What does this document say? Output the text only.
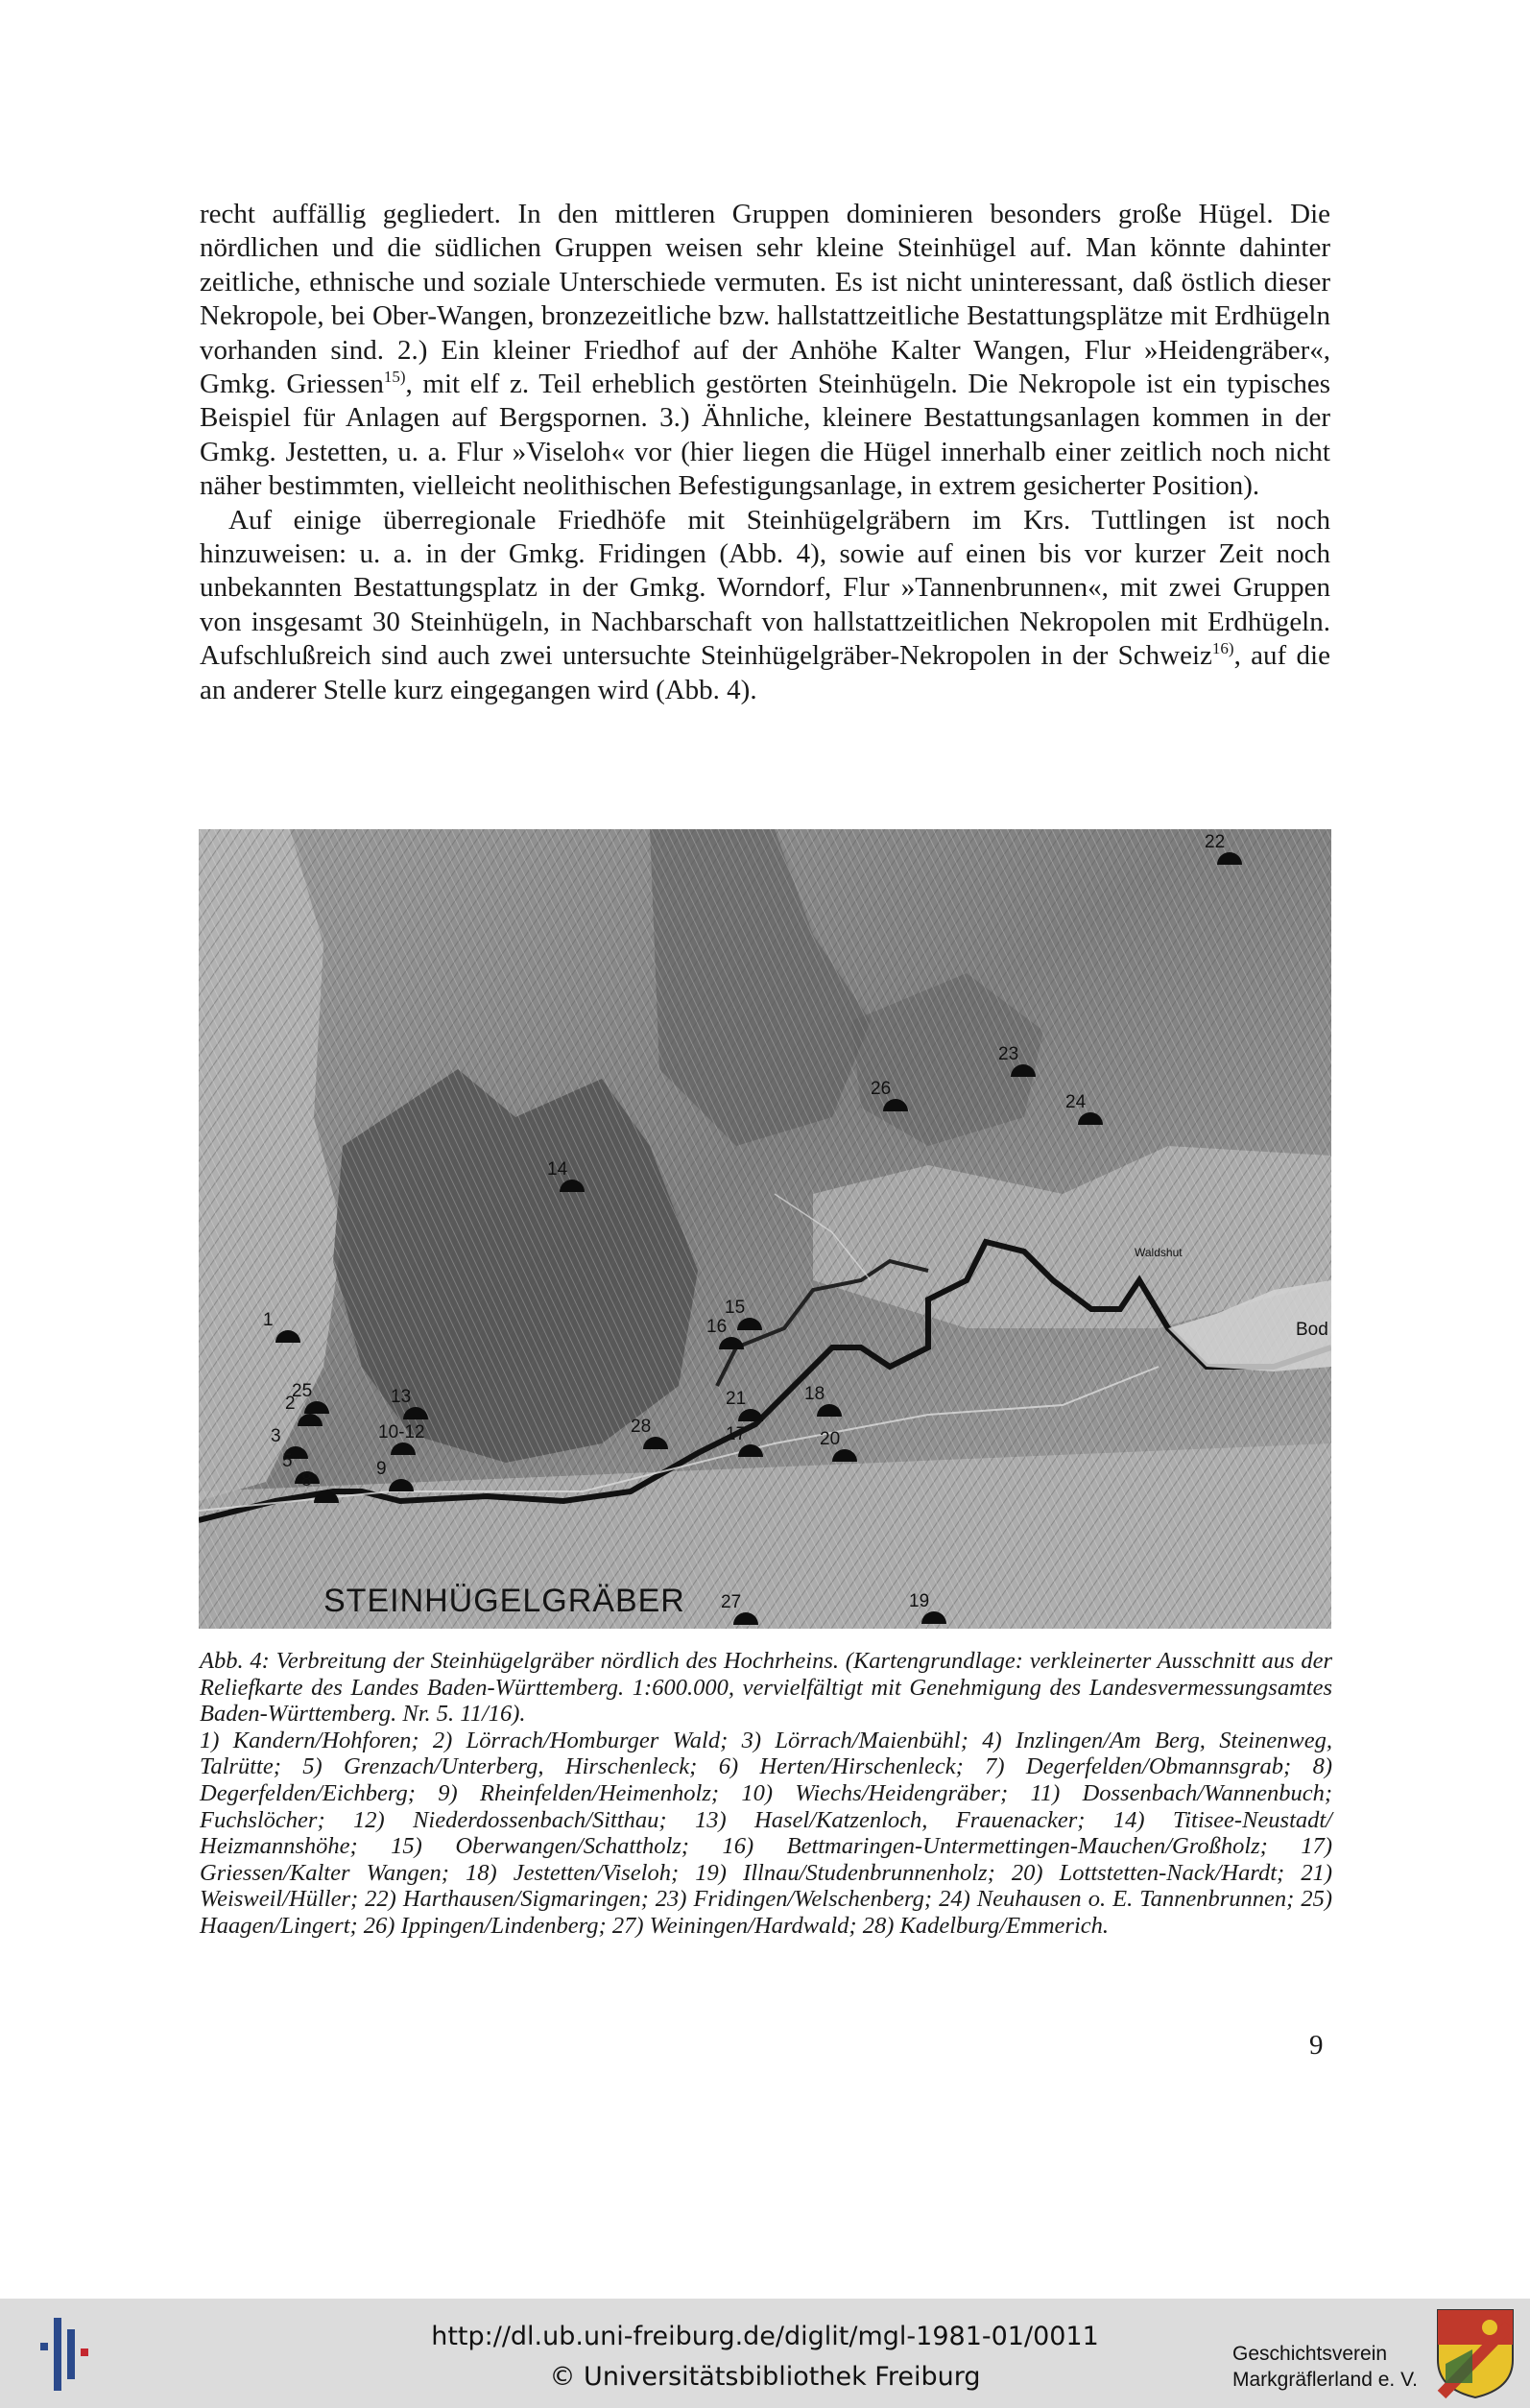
recht auffällig gegliedert. In den mittleren Gruppen dominieren besonders große Hügel. Die nördlichen und die südlichen Gruppen weisen sehr kleine Steinhügel auf. Man könnte dahinter zeitliche, ethnische und soziale Unterschiede vermuten. Es ist nicht uninteressant, daß östlich dieser Nekropole, bei Ober-Wangen, bronzezeitliche bzw. hallstattzeitliche Bestattungsplätze mit Erdhügeln vorhanden sind. 2.) Ein kleiner Friedhof auf der Anhöhe Kalter Wangen, Flur »Heidengräber«, Gmkg. Griessen$^{15)}$, mit elf z. Teil erheblich gestörten Steinhügeln. Die Nekropole ist ein typisches Beispiel für Anlagen auf Bergspornen. 3.) Ähnliche, kleinere Bestattungsanlagen kommen in der Gmkg. Jestetten, u. a. Flur »Viseloh« vor (hier liegen die Hügel innerhalb einer zeitlich noch nicht näher bestimmten, vielleicht neolithischen Befestigungsanlage, in extrem gesicherter Position).

Auf einige überregionale Friedhöfe mit Steinhügelgräbern im Krs. Tuttlingen ist noch hinzuweisen: u. a. in der Gmkg. Fridingen (Abb. 4), sowie auf einen bis vor kurzer Zeit noch unbekannten Bestattungsplatz in der Gmkg. Worndorf, Flur »Tannenbrunnen«, mit zwei Gruppen von insgesamt 30 Steinhügeln, in Nachbarschaft von hallstattzeitlichen Nekropolen mit Erdhügeln. Aufschlußreich sind auch zwei untersuchte Steinhügelgräber-Nekropolen in der Schweiz$^{16)}$, auf die an anderer Stelle kurz eingegangen wird (Abb. 4).

Bod
Waldshut
1
2
3
5
8
9
10-12
13
14
15
16
17
18
19
20
21
22
23
24
25
26
27
28
STEINHÜGELGRÄBER

Abb. 4: Verbreitung der Steinhügelgräber nördlich des Hochrheins. (Kartengrundlage: verkleinerter Ausschnitt aus der Reliefkarte des Landes Baden-Württemberg. 1:600.000, vervielfältigt mit Genehmigung des Landesvermessungsamtes Baden-Württemberg. Nr. 5. 11/16).

1) Kandern/Hohforen; 2) Lörrach/Homburger Wald; 3) Lörrach/Maienbühl; 4) Inzlingen/Am Berg, Steinenweg, Talrütte; 5) Grenzach/Unterberg, Hirschenleck; 6) Herten/Hirschenleck; 7) Degerfelden/Obmannsgrab; 8) Degerfelden/Eichberg; 9) Rheinfelden/Heimenholz; 10) Wiechs/Heidengräber; 11) Dossenbach/Wannenbuch; Fuchslöcher; 12) Niederdossenbach/Sitthau; 13) Hasel/Katzenloch, Frauenacker; 14) Titisee-Neustadt/ Heizmannshöhe; 15) Oberwangen/Schattholz; 16) Bettmaringen-Untermettingen-Mauchen/Großholz; 17) Griessen/Kalter Wangen; 18) Jestetten/Viseloh; 19) Illnau/Studenbrunnenholz; 20) Lottstetten-Nack/Hardt; 21) Weisweil/Hüller; 22) Harthausen/Sigmaringen; 23) Fridingen/Welschenberg; 24) Neuhausen o. E. Tannenbrunnen; 25) Haagen/Lingert; 26) Ippingen/Lindenberg; 27) Weiningen/Hardwald; 28) Kadelburg/Emmerich.

9
http://dl.ub.uni-freiburg.de/diglit/mgl-1981-01/0011
© Universitätsbibliothek Freiburg
Geschichtsverein
Markgräflerland e. V.
